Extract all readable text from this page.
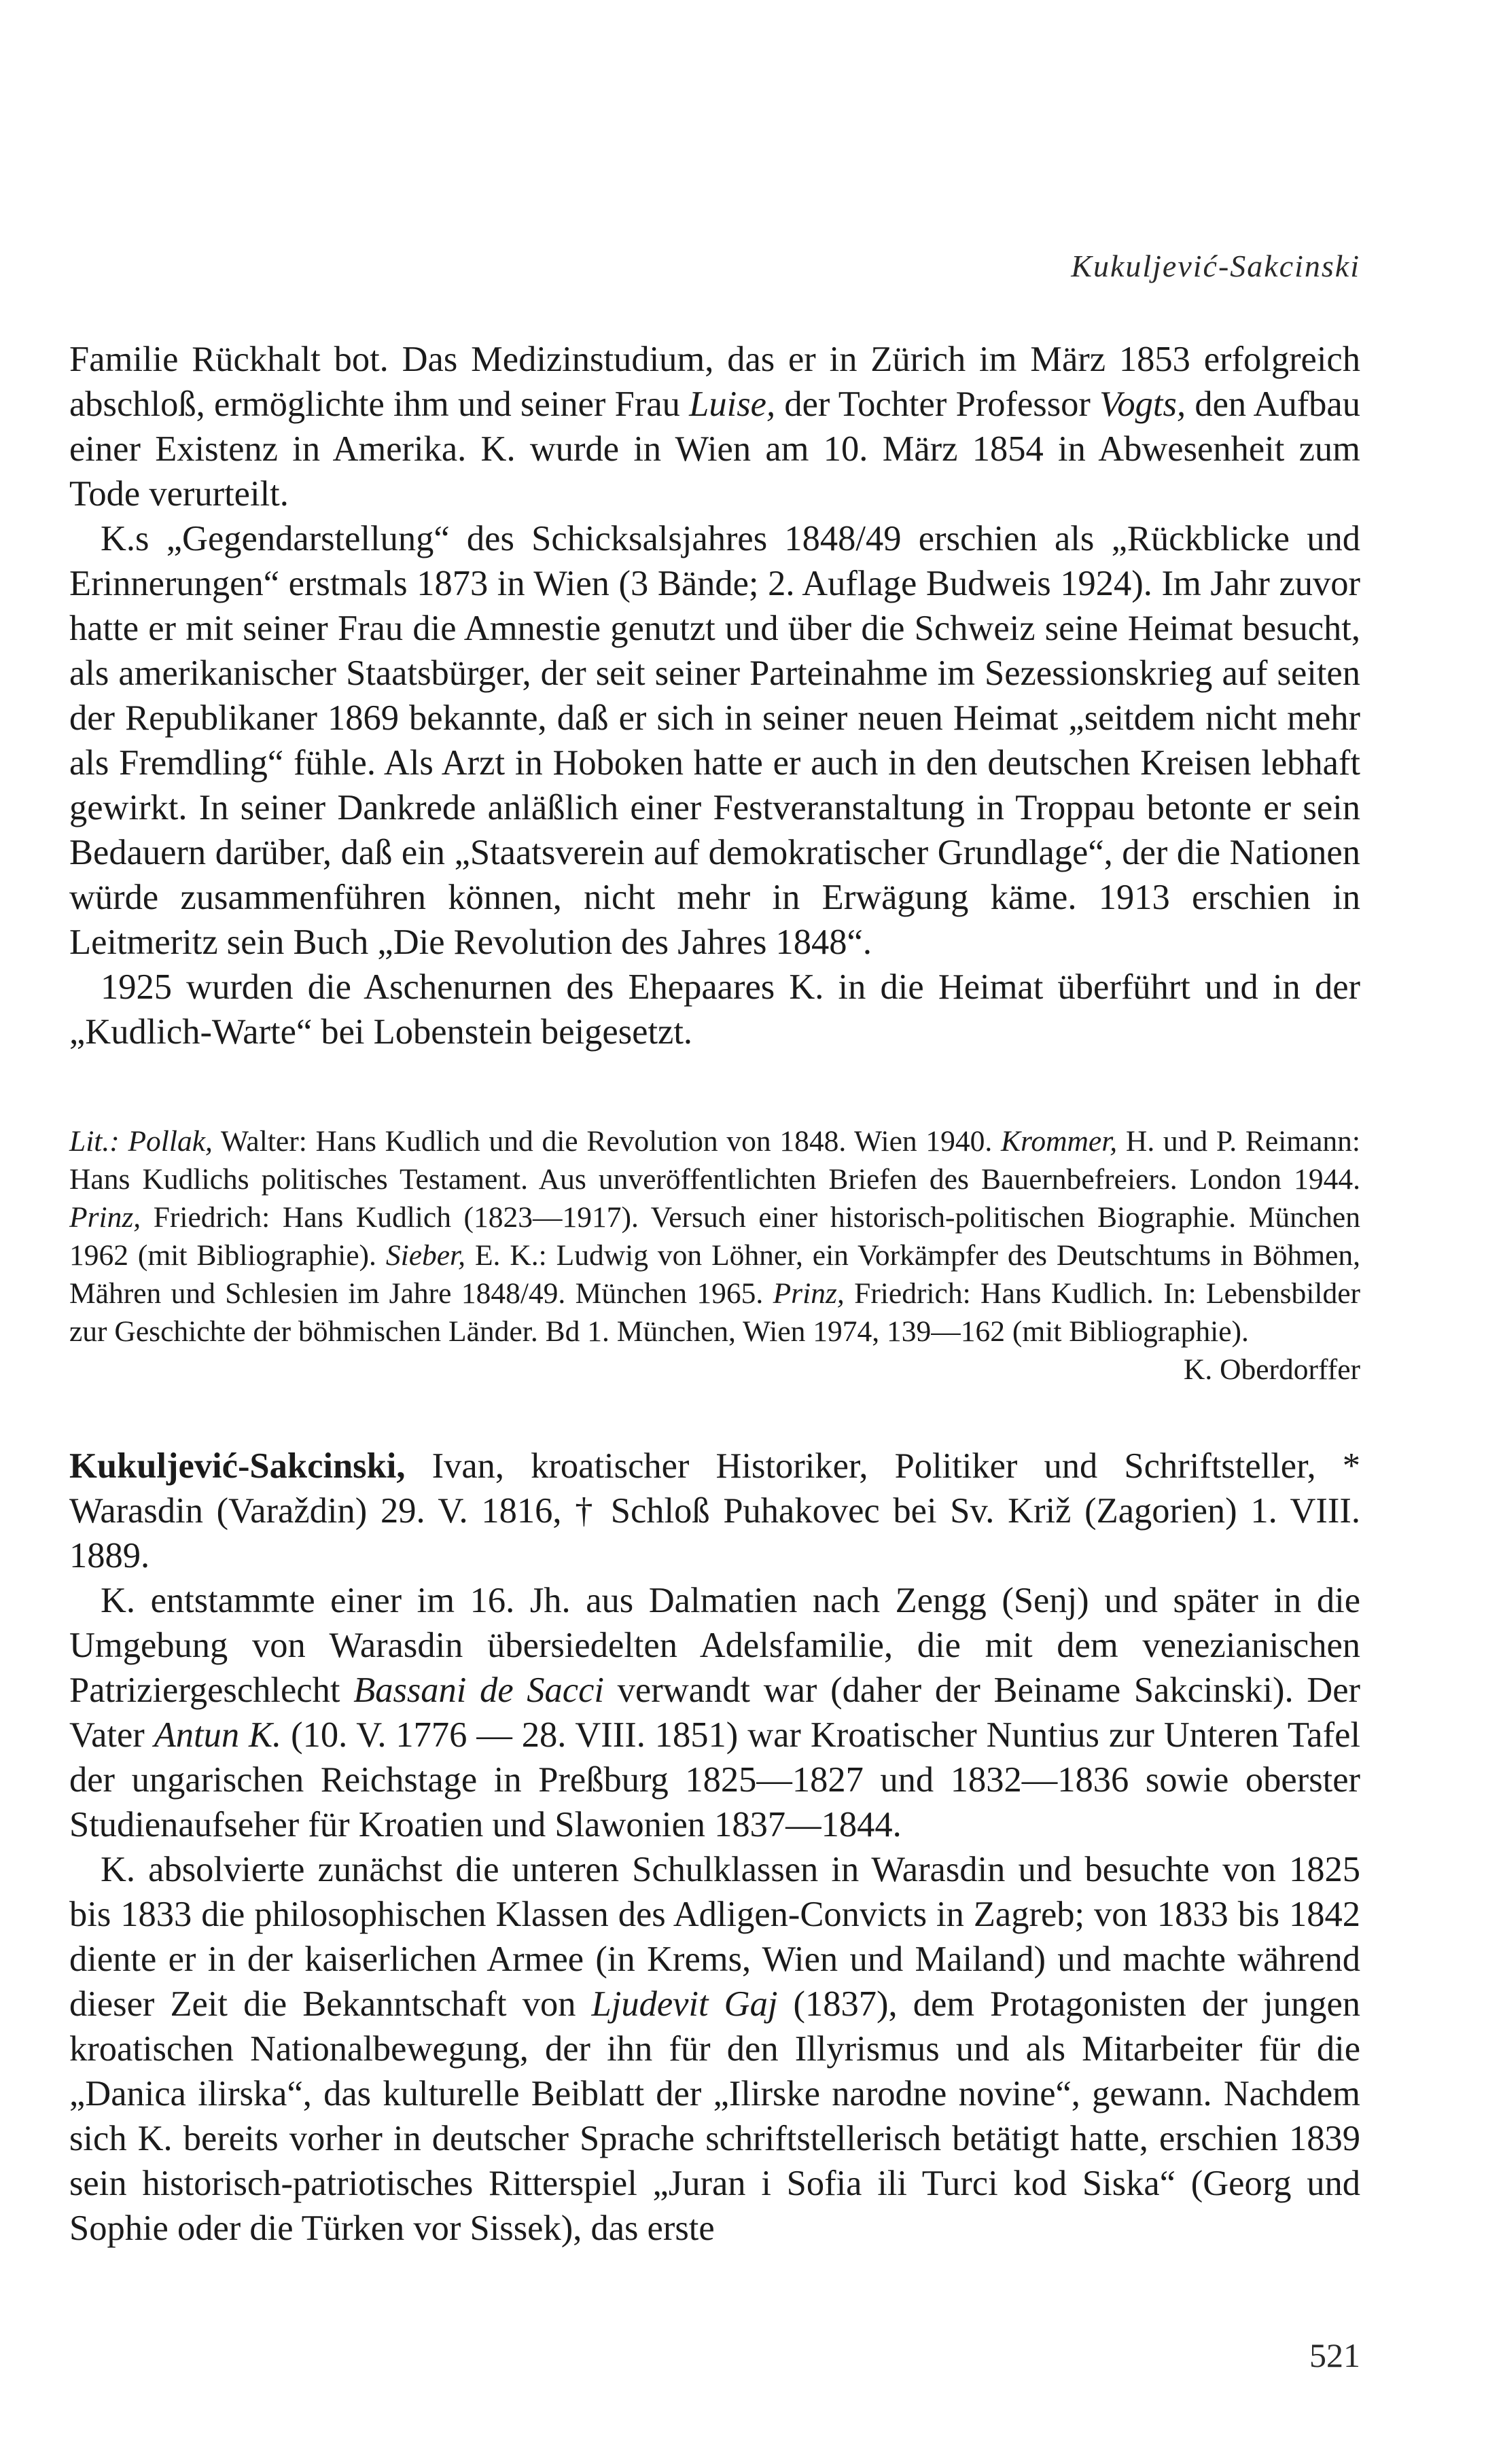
Kukuljević-Sakcinski

Familie Rückhalt bot. Das Medizinstudium, das er in Zürich im März 1853 erfolgreich abschloß, ermöglichte ihm und seiner Frau Luise, der Tochter Professor Vogts, den Aufbau einer Existenz in Amerika. K. wurde in Wien am 10. März 1854 in Abwesenheit zum Tode verurteilt.

K.s „Gegendarstellung“ des Schicksalsjahres 1848/49 erschien als „Rückblicke und Erinnerungen“ erstmals 1873 in Wien (3 Bände; 2. Auflage Budweis 1924). Im Jahr zuvor hatte er mit seiner Frau die Amnestie genutzt und über die Schweiz seine Heimat besucht, als amerikanischer Staatsbürger, der seit seiner Parteinahme im Sezessionskrieg auf seiten der Republikaner 1869 bekannte, daß er sich in seiner neuen Heimat „seitdem nicht mehr als Fremdling“ fühle. Als Arzt in Hoboken hatte er auch in den deutschen Kreisen lebhaft gewirkt. In seiner Dankrede anläßlich einer Festveranstaltung in Troppau betonte er sein Bedauern darüber, daß ein „Staatsverein auf demokratischer Grundlage“, der die Nationen würde zusammenführen können, nicht mehr in Erwägung käme. 1913 erschien in Leitmeritz sein Buch „Die Revolution des Jahres 1848“.

1925 wurden die Aschenurnen des Ehepaares K. in die Heimat überführt und in der „Kudlich-Warte“ bei Lobenstein beigesetzt.

Lit.: Pollak, Walter: Hans Kudlich und die Revolution von 1848. Wien 1940. Krommer, H. und P. Reimann: Hans Kudlichs politisches Testament. Aus unveröffentlichten Briefen des Bauernbefreiers. London 1944. Prinz, Friedrich: Hans Kudlich (1823—1917). Versuch einer historisch-politischen Biographie. München 1962 (mit Bibliographie). Sieber, E. K.: Ludwig von Löhner, ein Vorkämpfer des Deutschtums in Böhmen, Mähren und Schlesien im Jahre 1848/49. München 1965. Prinz, Friedrich: Hans Kudlich. In: Lebensbilder zur Geschichte der böhmischen Länder. Bd 1. München, Wien 1974, 139—162 (mit Bibliographie).
K. Oberdorffer

Kukuljević-Sakcinski, Ivan, kroatischer Historiker, Politiker und Schriftsteller, * Warasdin (Varaždin) 29. V. 1816, † Schloß Puhakovec bei Sv. Križ (Zagorien) 1. VIII. 1889.

K. entstammte einer im 16. Jh. aus Dalmatien nach Zengg (Senj) und später in die Umgebung von Warasdin übersiedelten Adelsfamilie, die mit dem venezianischen Patriziergeschlecht Bassani de Sacci verwandt war (daher der Beiname Sakcinski). Der Vater Antun K. (10. V. 1776 — 28. VIII. 1851) war Kroatischer Nuntius zur Unteren Tafel der ungarischen Reichstage in Preßburg 1825—1827 und 1832—1836 sowie oberster Studienaufseher für Kroatien und Slawonien 1837—1844.

K. absolvierte zunächst die unteren Schulklassen in Warasdin und besuchte von 1825 bis 1833 die philosophischen Klassen des Adligen-Convicts in Zagreb; von 1833 bis 1842 diente er in der kaiserlichen Armee (in Krems, Wien und Mailand) und machte während dieser Zeit die Bekanntschaft von Ljudevit Gaj (1837), dem Protagonisten der jungen kroatischen Nationalbewegung, der ihn für den Illyrismus und als Mitarbeiter für die „Danica ilirska“, das kulturelle Beiblatt der „Ilirske narodne novine“, gewann. Nachdem sich K. bereits vorher in deutscher Sprache schriftstellerisch betätigt hatte, erschien 1839 sein historisch-patriotisches Ritterspiel „Juran i Sofia ili Turci kod Siska“ (Georg und Sophie oder die Türken vor Sissek), das erste

521
